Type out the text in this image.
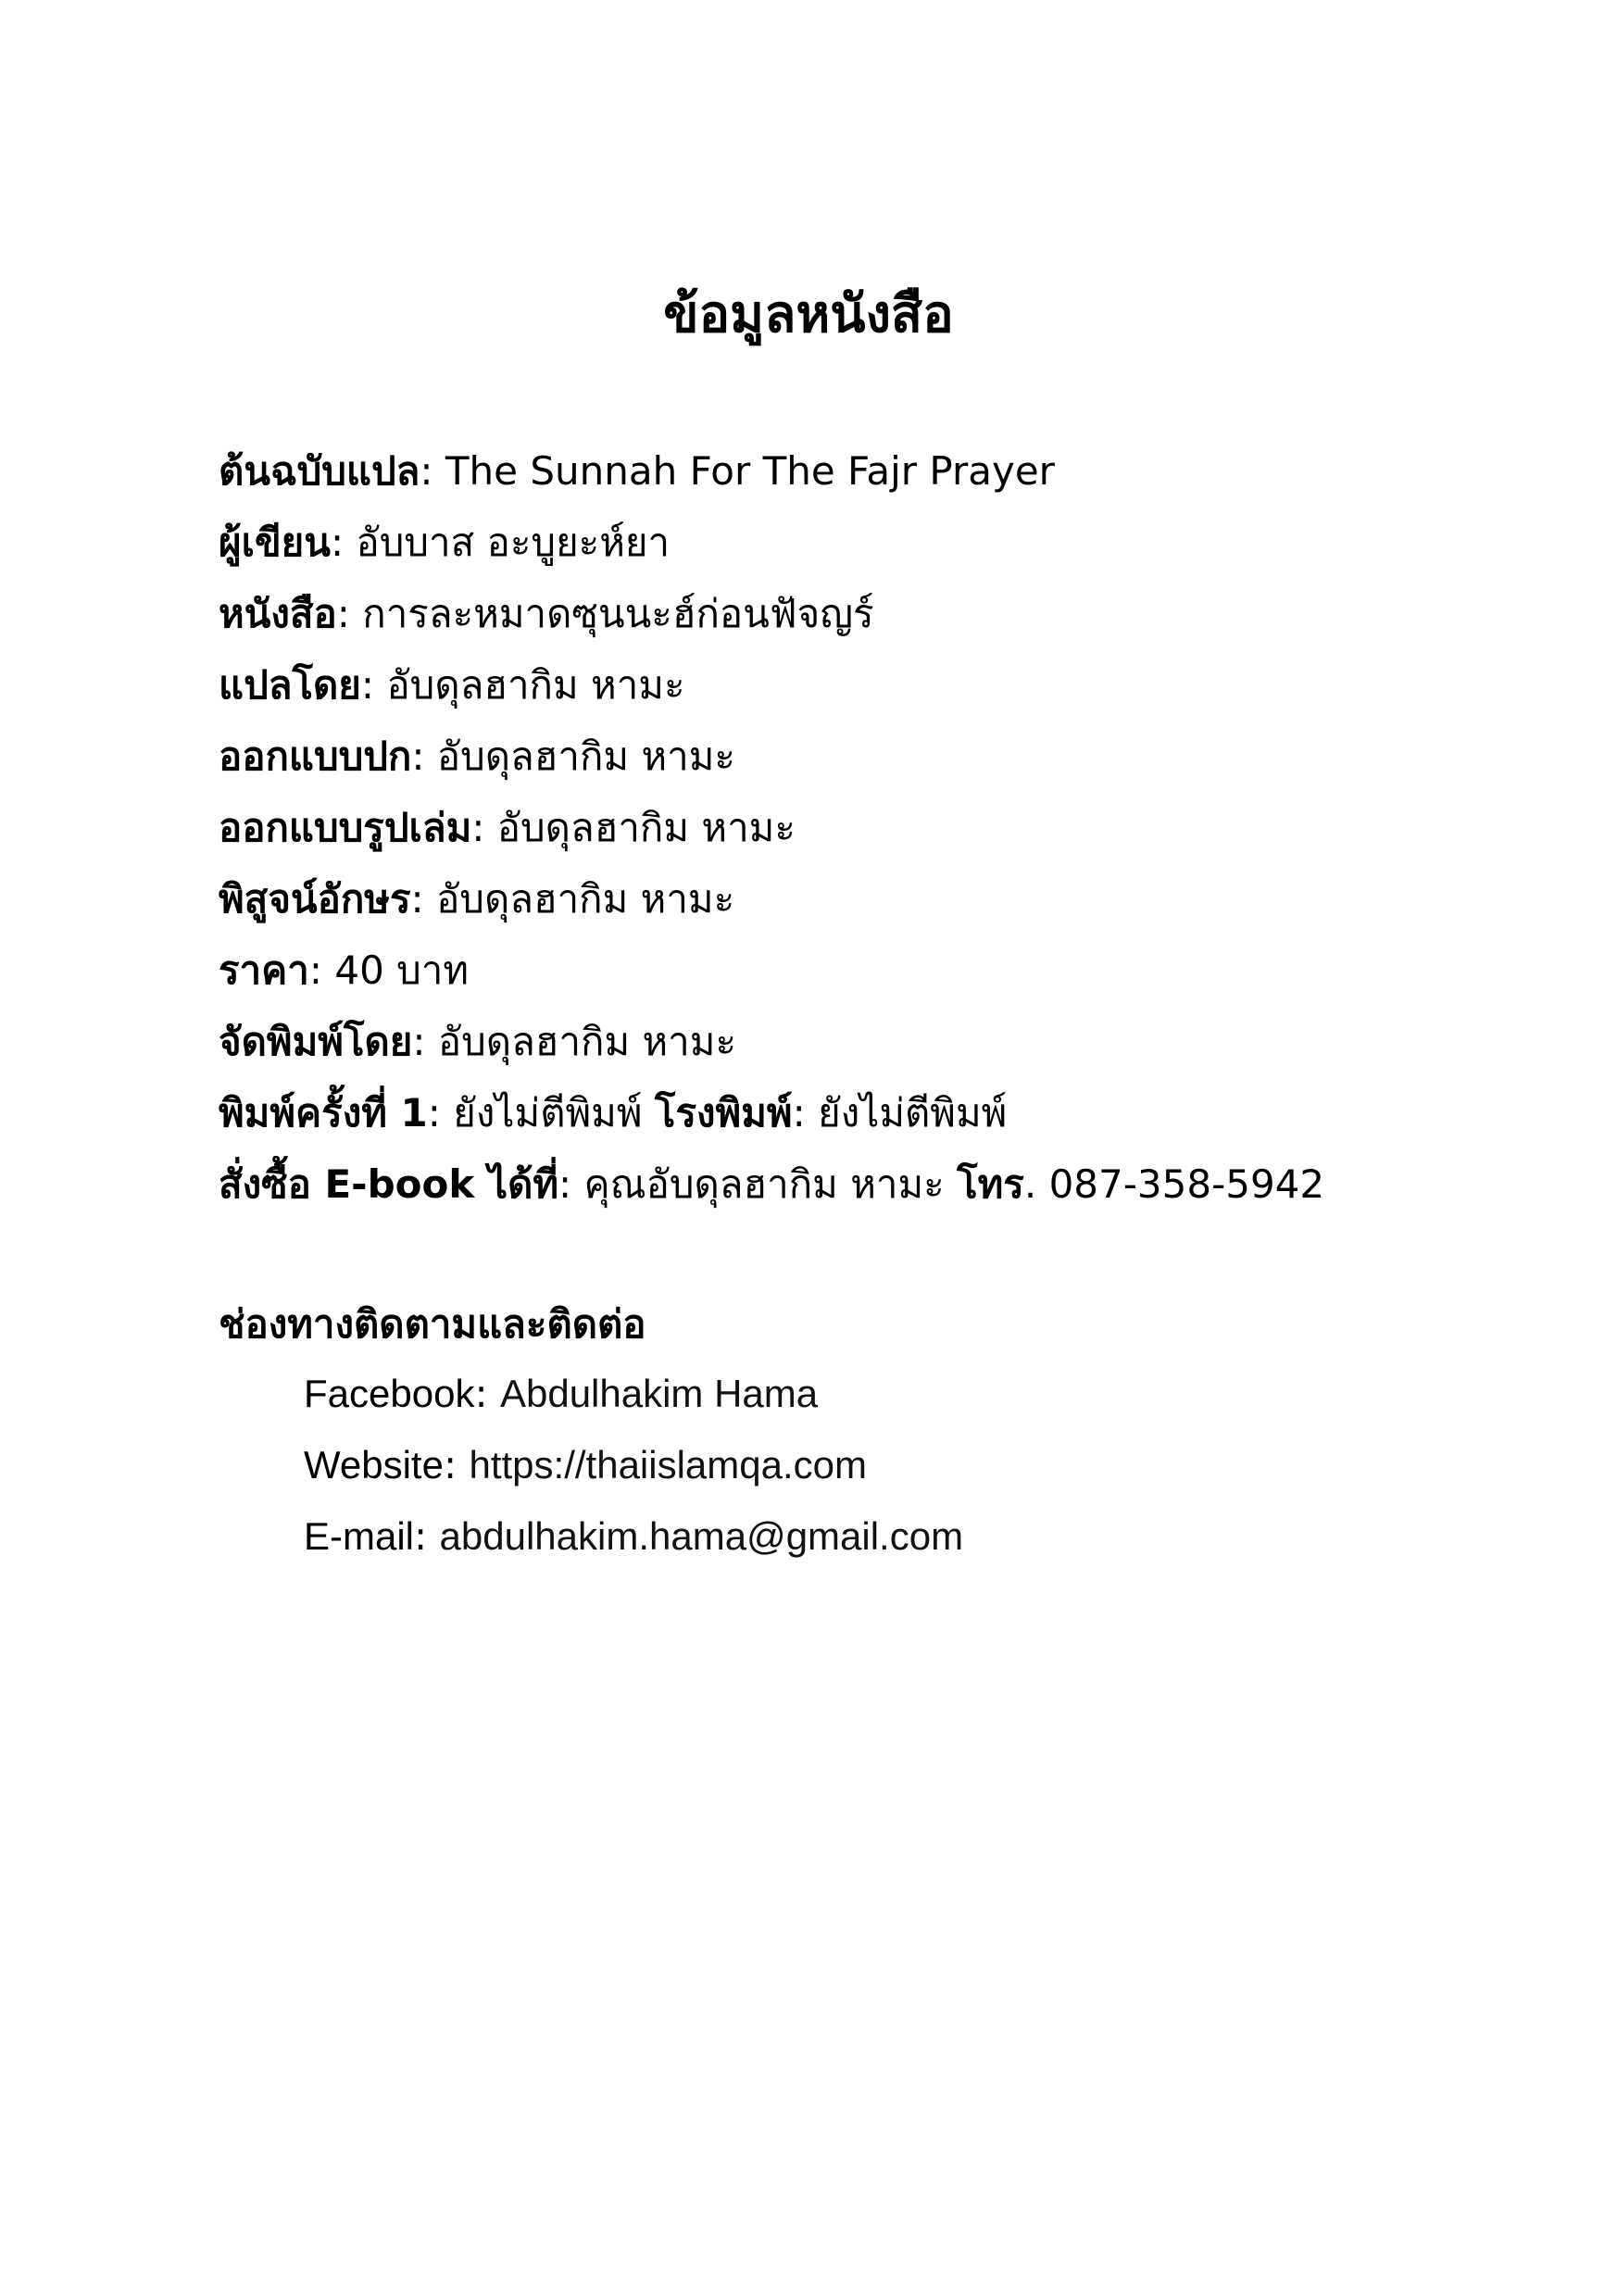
ข้อมูลหนังสือ
ต้นฉบับแปล: The Sunnah For The Fajr Prayer
ผู้เขียน: อับบาส อะบูยะห์ยา
หนังสือ: การละหมาดซุนนะฮ์ก่อนฟัจญร์
แปลโดย: อับดุลฮากิม หามะ
ออกแบบปก: อับดุลฮากิม หามะ
ออกแบบรูปเล่ม: อับดุลฮากิม หามะ
พิสูจน์อักษร: อับดุลฮากิม หามะ
ราคา: 40 บาท
จัดพิมพ์โดย: อับดุลฮากิม หามะ
พิมพ์ครั้งที่ 1: ยังไม่ตีพิมพ์ โรงพิมพ์: ยังไม่ตีพิมพ์
สั่งซื้อ E-book ได้ที่: คุณอับดุลฮากิม หามะ โทร. 087-358-5942
ช่องทางติดตามและติดต่อ
Facebook: Abdulhakim Hama
Website: https://thaiislamqa.com
E-mail: abdulhakim.hama@gmail.com
